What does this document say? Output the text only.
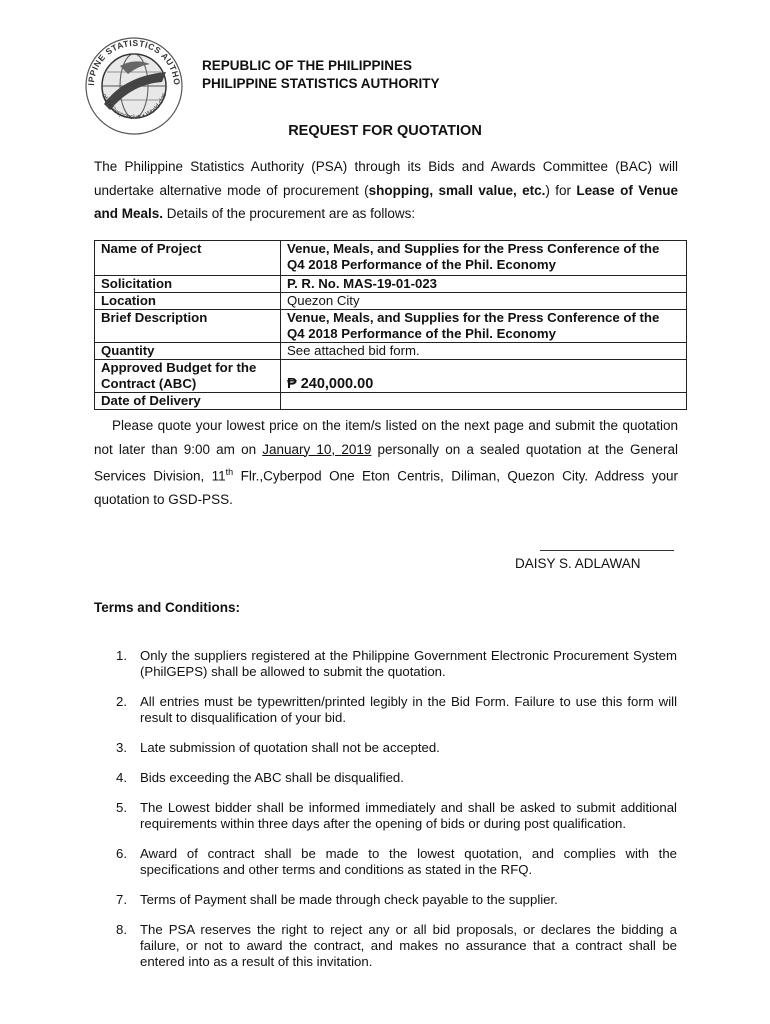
IPPINE STATISTICS AUTHO
olid • Responsive • World-clas
REPUBLIC OF THE PHILIPPINES
PHILIPPINE STATISTICS AUTHORITY
REQUEST FOR QUOTATION
The Philippine Statistics Authority (PSA) through its Bids and Awards Committee (BAC) will undertake alternative mode of procurement (shopping, small value, etc.) for Lease of Venue and Meals. Details of the procurement are as follows:
Name of Project	Venue, Meals, and Supplies for the Press Conference of the Q4 2018 Performance of the Phil. Economy
Solicitation	P. R. No. MAS-19-01-023
Location	Quezon City
Brief Description	Venue, Meals, and Supplies for the Press Conference of the Q4 2018 Performance of the Phil. Economy
Quantity	See attached bid form.
Approved Budget for the Contract (ABC)	₱ 240,000.00
Date of Delivery	
Please quote your lowest price on the item/s listed on the next page and submit the quotation not later than 9:00 am on January 10, 2019 personally on a sealed quotation at the General Services Division, 11th Flr.,Cyberpod One Eton Centris, Diliman, Quezon City. Address your quotation to GSD-PSS.
DAISY S. ADLAWAN
Terms and Conditions:
1. Only the suppliers registered at the Philippine Government Electronic Procurement System (PhilGEPS) shall be allowed to submit the quotation.
2. All entries must be typewritten/printed legibly in the Bid Form. Failure to use this form will result to disqualification of your bid.
3. Late submission of quotation shall not be accepted.
4. Bids exceeding the ABC shall be disqualified.
5. The Lowest bidder shall be informed immediately and shall be asked to submit additional requirements within three days after the opening of bids or during post qualification.
6. Award of contract shall be made to the lowest quotation, and complies with the specifications and other terms and conditions as stated in the RFQ.
7. Terms of Payment shall be made through check payable to the supplier.
8. The PSA reserves the right to reject any or all bid proposals, or declares the bidding a failure, or not to award the contract, and makes no assurance that a contract shall be entered into as a result of this invitation.
